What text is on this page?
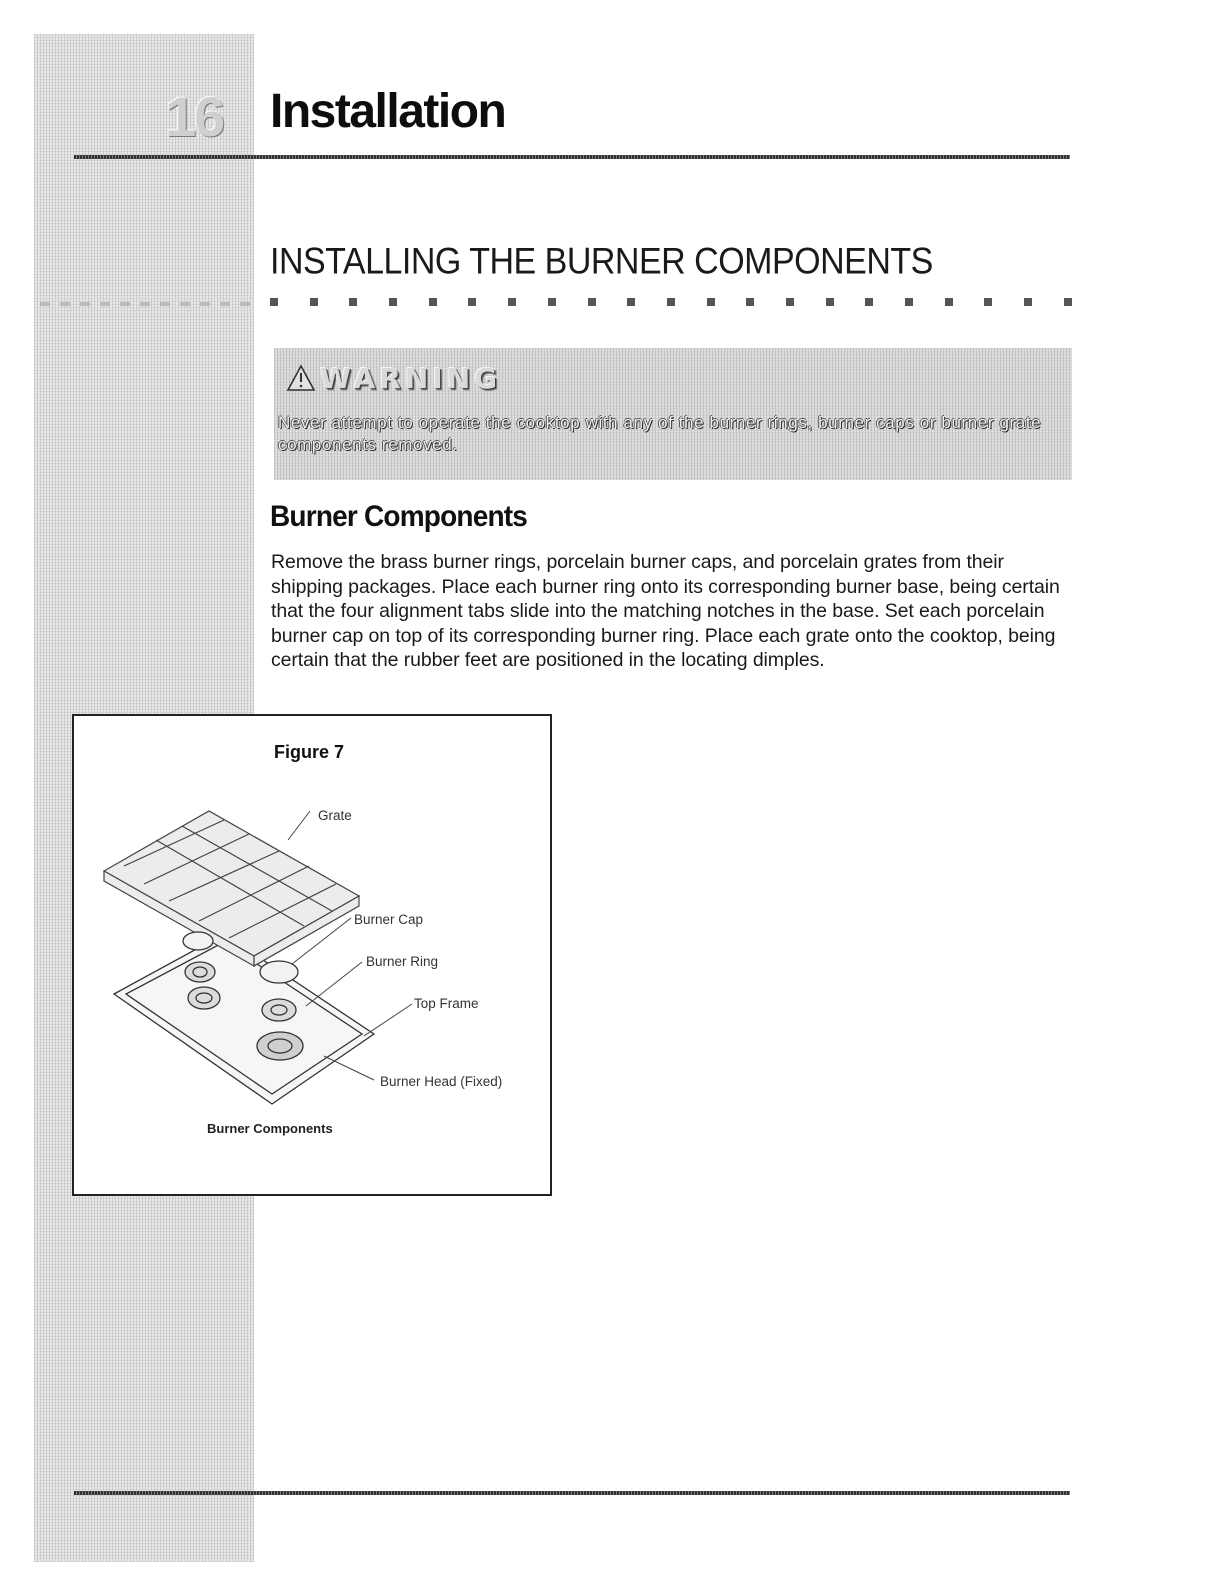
16 Installation
INSTALLING THE BURNER COMPONENTS
WARNING
Never attempt to operate the cooktop with any of the burner rings, burner caps or burner grate components removed.
Burner Components
Remove the brass burner rings, porcelain burner caps, and porcelain grates from their shipping packages. Place each burner ring onto its corresponding burner base, being certain that the four alignment tabs slide into the matching notches in the base. Set each porcelain burner cap on top of its corresponding burner ring. Place each grate onto the cooktop, being certain that the rubber feet are positioned in the locating dimples.
Figure 7
Grate
Burner Cap
Burner Ring
Top Frame
Burner Head (Fixed)
Burner Components
